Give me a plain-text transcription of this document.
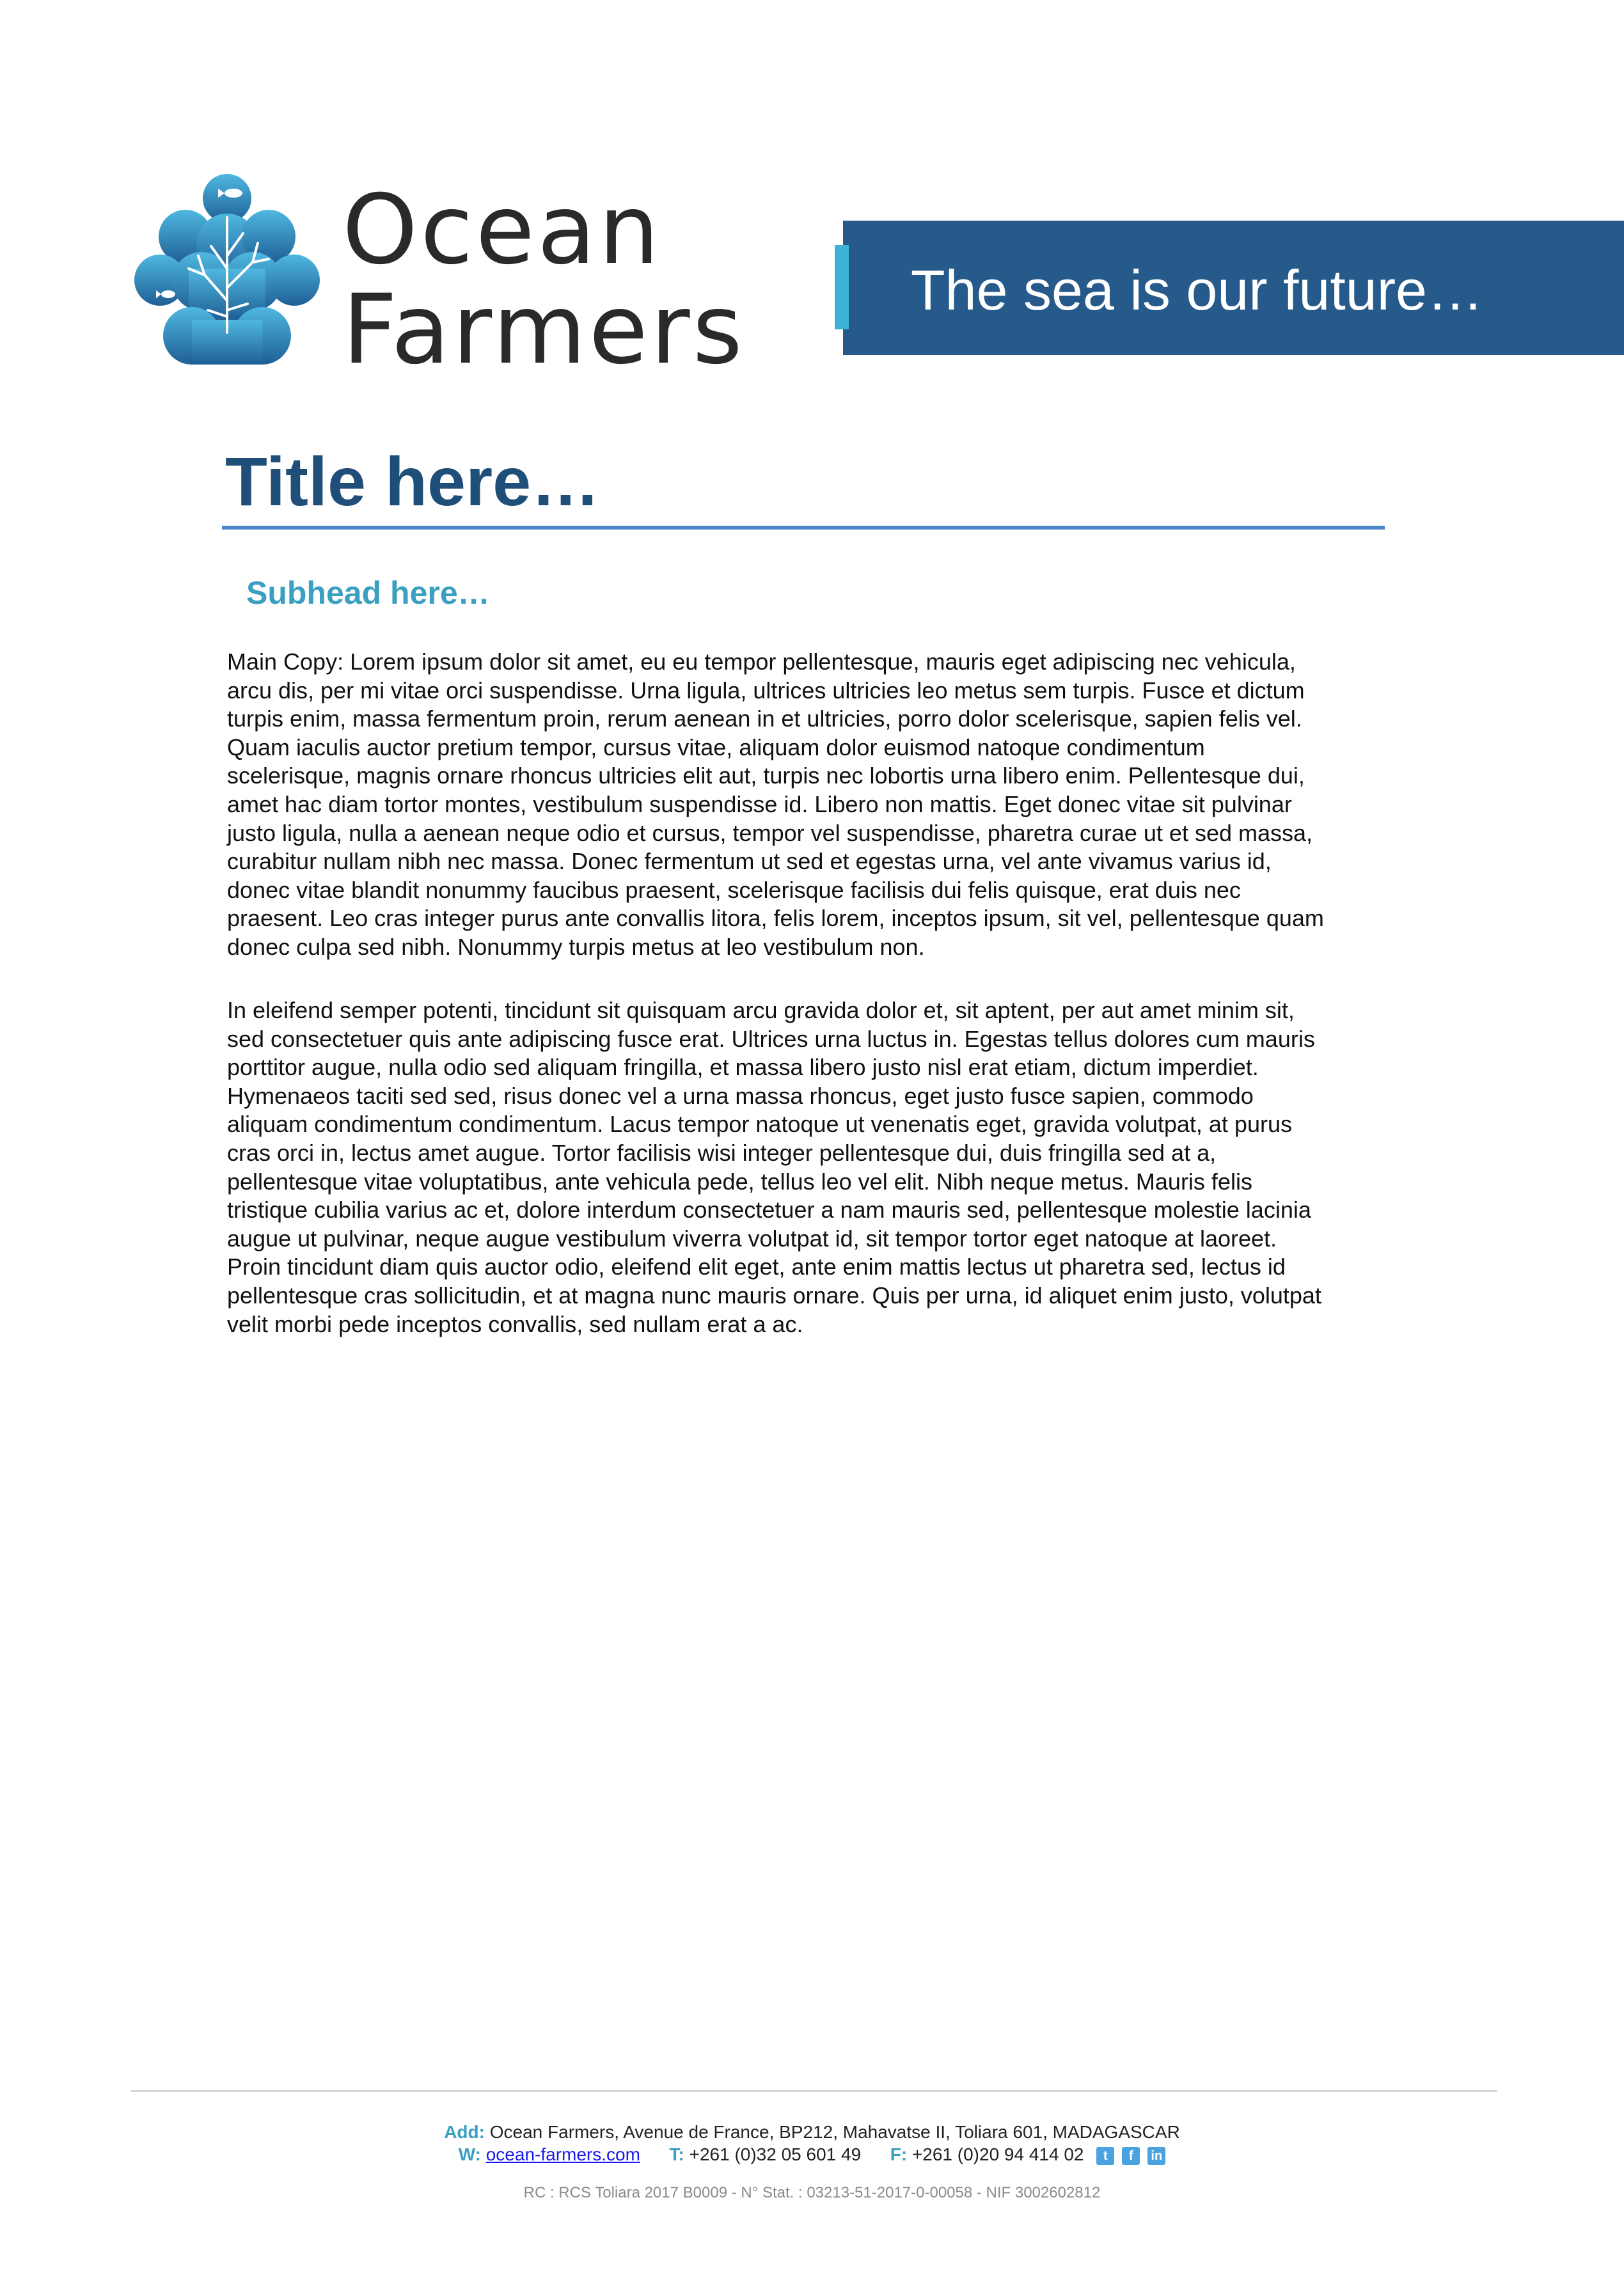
Ocean
Farmers	The sea is our future…
Title here…
Subhead here…
Main Copy: Lorem ipsum dolor sit amet, eu eu tempor pellentesque, mauris eget adipiscing nec vehicula,
arcu dis, per mi vitae orci suspendisse. Urna ligula, ultrices ultricies leo metus sem turpis. Fusce et dictum
turpis enim, massa fermentum proin, rerum aenean in et ultricies, porro dolor scelerisque, sapien felis vel.
Quam iaculis auctor pretium tempor, cursus vitae, aliquam dolor euismod natoque condimentum
scelerisque, magnis ornare rhoncus ultricies elit aut, turpis nec lobortis urna libero enim. Pellentesque dui,
amet hac diam tortor montes, vestibulum suspendisse id. Libero non mattis. Eget donec vitae sit pulvinar
justo ligula, nulla a aenean neque odio et cursus, tempor vel suspendisse, pharetra curae ut et sed massa,
curabitur nullam nibh nec massa. Donec fermentum ut sed et egestas urna, vel ante vivamus varius id,
donec vitae blandit nonummy faucibus praesent, scelerisque facilisis dui felis quisque, erat duis nec
praesent. Leo cras integer purus ante convallis litora, felis lorem, inceptos ipsum, sit vel, pellentesque quam
donec culpa sed nibh. Nonummy turpis metus at leo vestibulum non.
In eleifend semper potenti, tincidunt sit quisquam arcu gravida dolor et, sit aptent, per aut amet minim sit,
sed consectetuer quis ante adipiscing fusce erat. Ultrices urna luctus in. Egestas tellus dolores cum mauris
porttitor augue, nulla odio sed aliquam fringilla, et massa libero justo nisl erat etiam, dictum imperdiet.
Hymenaeos taciti sed sed, risus donec vel a urna massa rhoncus, eget justo fusce sapien, commodo
aliquam condimentum condimentum. Lacus tempor natoque ut venenatis eget, gravida volutpat, at purus
cras orci in, lectus amet augue. Tortor facilisis wisi integer pellentesque dui, duis fringilla sed at a,
pellentesque vitae voluptatibus, ante vehicula pede, tellus leo vel elit. Nibh neque metus. Mauris felis
tristique cubilia varius ac et, dolore interdum consectetuer a nam mauris sed, pellentesque molestie lacinia
augue ut pulvinar, neque augue vestibulum viverra volutpat id, sit tempor tortor eget natoque at laoreet.
Proin tincidunt diam quis auctor odio, eleifend elit eget, ante enim mattis lectus ut pharetra sed, lectus id
pellentesque cras sollicitudin, et at magna nunc mauris ornare. Quis per urna, id aliquet enim justo, volutpat
velit morbi pede inceptos convallis, sed nullam erat a ac.
Add: Ocean Farmers, Avenue de France, BP212, Mahavatse II, Toliara 601, MADAGASCAR
W: ocean-farmers.com T: +261 (0)32 05 601 49 F: +261 (0)20 94 414 02 t f in
RC : RCS Toliara 2017 B0009 - N° Stat. : 03213-51-2017-0-00058 - NIF 3002602812
